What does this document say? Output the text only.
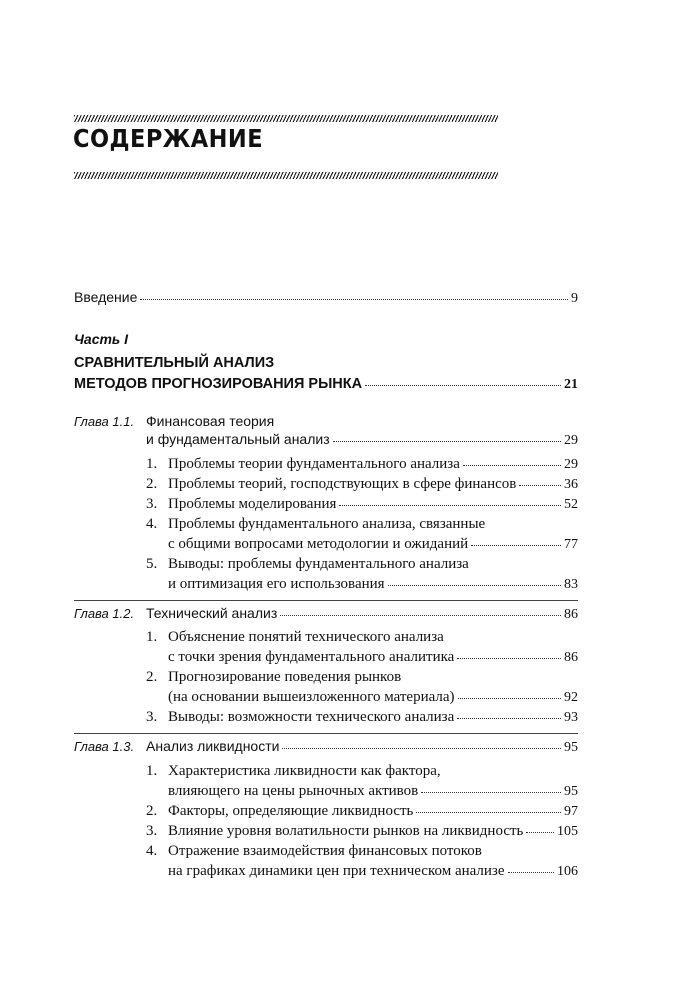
СОДЕРЖАНИЕ
Введение	9
Часть I
СРАВНИТЕЛЬНЫЙ АНАЛИЗ
МЕТОДОВ ПРОГНОЗИРОВАНИЯ РЫНКА	21
Глава 1.1. Финансовая теория
и фундаментальный анализ	29
1. Проблемы теории фундаментального анализа	29
2. Проблемы теорий, господствующих в сфере финансов	36
3. Проблемы моделирования	52
4. Проблемы фундаментального анализа, связанные
с общими вопросами методологии и ожиданий	77
5. Выводы: проблемы фундаментального анализа
и оптимизация его использования	83
Глава 1.2. Технический анализ	86
1. Объяснение понятий технического анализа
с точки зрения фундаментального аналитика	86
2. Прогнозирование поведения рынков
(на основании вышеизложенного материала)	92
3. Выводы: возможности технического анализа	93
Глава 1.3. Анализ ликвидности	95
1. Характеристика ликвидности как фактора,
влияющего на цены рыночных активов	95
2. Факторы, определяющие ликвидность	97
3. Влияние уровня волатильности рынков на ликвидность 105
4. Отражение взаимодействия финансовых потоков
на графиках динамики цен при техническом анализе	106
